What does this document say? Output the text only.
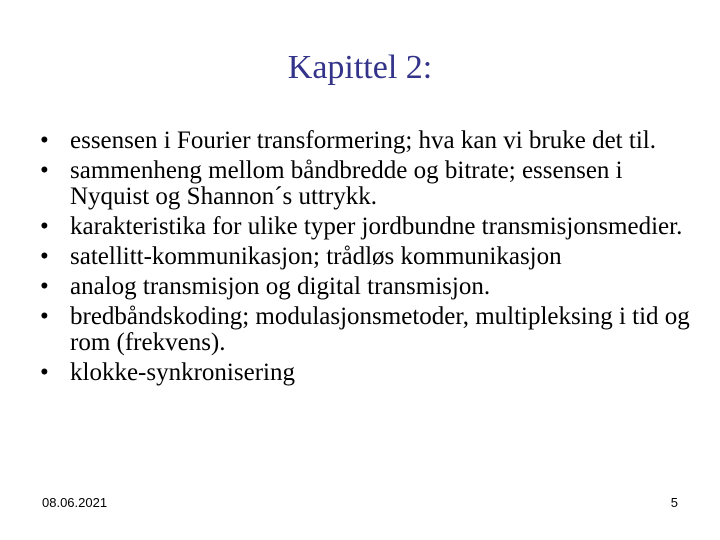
Kapittel 2:
• essensen i Fourier transformering; hva kan vi bruke det til.
• sammenheng mellom båndbredde og bitrate; essensen i Nyquist og Shannon´s uttrykk.
• karakteristika for ulike typer jordbundne transmisjonsmedier.
• satellitt-kommunikasjon; trådløs kommunikasjon
• analog transmisjon og digital transmisjon.
• bredbåndskoding; modulasjonsmetoder, multipleksing i tid og rom (frekvens).
• klokke-synkronisering
08.06.2021	5
